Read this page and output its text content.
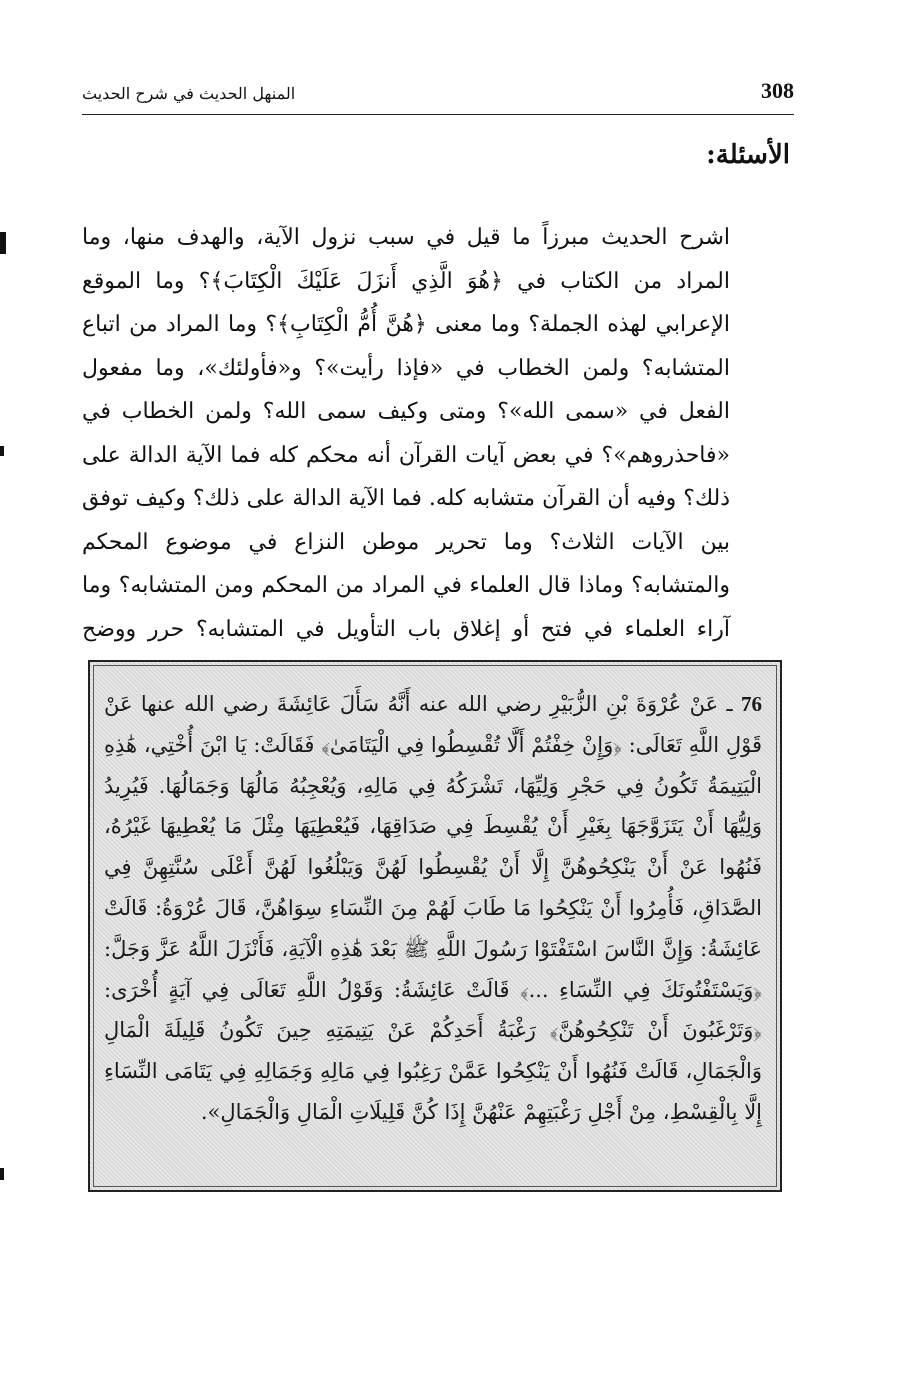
308
المنهل الحديث في شرح الحديث
الأسئلة:
اشرح الحديث مبرزاً ما قيل في سبب نزول الآية، والهدف منها، وما المراد من الكتاب في ﴿هُوَ الَّذِي أَنزَلَ عَلَيْكَ الْكِتَابَ﴾؟ وما الموقع الإعرابي لهذه الجملة؟ وما معنى ﴿هُنَّ أُمُّ الْكِتَابِ﴾؟ وما المراد من اتباع المتشابه؟ ولمن الخطاب في «فإذا رأيت»؟ و«فأولئك»، وما مفعول الفعل في «سمى الله»؟ ومتى وكيف سمى الله؟ ولمن الخطاب في «فاحذروهم»؟ في بعض آيات القرآن أنه محكم كله فما الآية الدالة على ذلك؟ وفيه أن القرآن متشابه كله. فما الآية الدالة على ذلك؟ وكيف توفق بين الآيات الثلاث؟ وما تحرير موطن النزاع في موضوع المحكم والمتشابه؟ وماذا قال العلماء في المراد من المحكم ومن المتشابه؟ وما آراء العلماء في فتح أو إغلاق باب التأويل في المتشابه؟ حرر ووضح
76 ـ عَنْ عُرْوَةَ بْنِ الزُّبَيْرِ رضي الله عنه أَنَّهُ سَأَلَ عَائِشَةَ رضي الله عنها عَنْ قَوْلِ اللَّهِ تَعَالَى: ﴿وَإِنْ خِفْتُمْ أَلَّا تُقْسِطُوا فِي الْيَتَامَىٰ﴾ فَقَالَتْ: يَا ابْنَ أُخْتِي، هَٰذِهِ الْيَتِيمَةُ تَكُونُ فِي حَجْرِ وَلِيِّهَا، تَشْرَكُهُ فِي مَالِهِ، وَيُعْجِبُهُ مَالُهَا وَجَمَالُهَا. فَيُرِيدُ وَلِيُّهَا أَنْ يَتَزَوَّجَهَا بِغَيْرِ أَنْ يُقْسِطَ فِي صَدَاقِهَا، فَيُعْطِيَهَا مِثْلَ مَا يُعْطِيهَا غَيْرُهُ، فَنُهُوا عَنْ أَنْ يَنْكِحُوهُنَّ إِلَّا أَنْ يُقْسِطُوا لَهُنَّ وَيَبْلُغُوا لَهُنَّ أَعْلَى سُنَّتِهِنَّ فِي الصَّدَاقِ، فَأُمِرُوا أَنْ يَنْكِحُوا مَا طَابَ لَهُمْ مِنَ النِّسَاءِ سِوَاهُنَّ، قَالَ عُرْوَةُ: قَالَتْ عَائِشَةُ: وَإِنَّ النَّاسَ اسْتَفْتَوْا رَسُولَ اللَّهِ ﷺ بَعْدَ هَٰذِهِ الْآيَةِ، فَأَنْزَلَ اللَّهُ عَزَّ وَجَلَّ: ﴿وَيَسْتَفْتُونَكَ فِي النِّسَاءِ ...﴾ قَالَتْ عَائِشَةُ: وَقَوْلُ اللَّهِ تَعَالَى فِي آيَةٍ أُخْرَى: ﴿وَتَرْغَبُونَ أَنْ تَنْكِحُوهُنَّ﴾ رَغْبَةُ أَحَدِكُمْ عَنْ يَتِيمَتِهِ حِينَ تَكُونُ قَلِيلَةَ الْمَالِ وَالْجَمَالِ، قَالَتْ فَنُهُوا أَنْ يَنْكِحُوا عَمَّنْ رَغِبُوا فِي مَالِهِ وَجَمَالِهِ فِي يَتَامَى النِّسَاءِ إِلَّا بِالْقِسْطِ، مِنْ أَجْلِ رَغْبَتِهِمْ عَنْهُنَّ إِذَا كُنَّ قَلِيلَاتِ الْمَالِ وَالْجَمَالِ».
